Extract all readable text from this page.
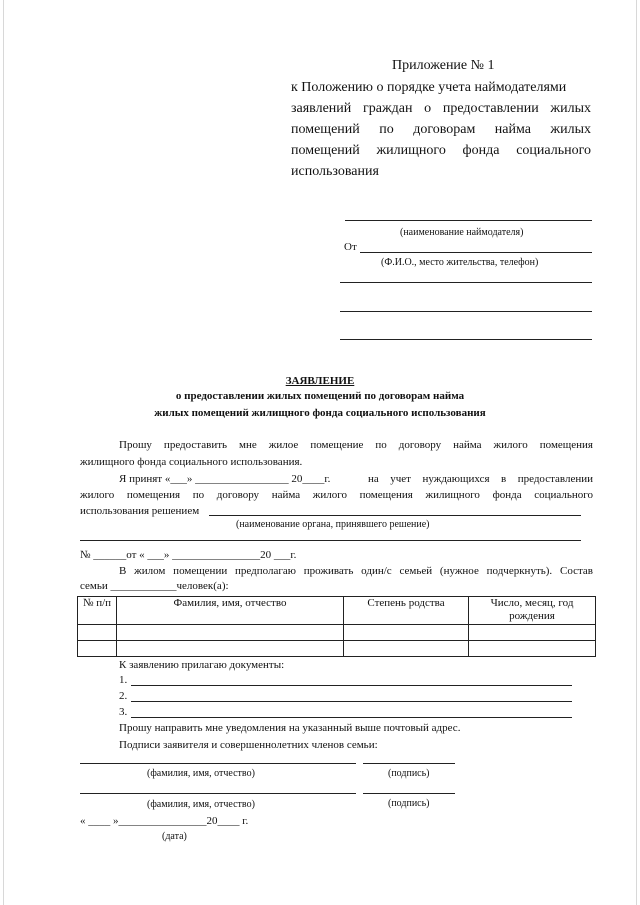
Приложение № 1
к Положению о порядке учета наймодателями
заявлений граждан о предоставлении жилых
помещений по договорам найма жилых
помещений жилищного фонда социального
использования
(наименование наймодателя)
От
(Ф.И.О., место жительства, телефон)
ЗАЯВЛЕНИЕ
о предоставлении жилых помещений по договорам найма
жилых помещений жилищного фонда социального использования
Прошу предоставить мне жилое помещение по договору найма жилого помещения
жилищного фонда социального использования.
Я принят «___» _________________ 20____г.	на учет нуждающихся в предоставлении
жилого помещения по договору найма жилого помещения жилищного фонда социального
использования решением
(наименование органа, принявшего решение)
№ ______от « ___» ________________20 ___г.
В жилом помещении предполагаю проживать один/с семьей (нужное подчеркнуть). Состав
семьи ____________человек(а):
№ п/п	Фамилия, имя, отчество	Степень родства	Число, месяц, год рождения

К заявлению прилагаю документы:
1.
2.
3.
Прошу направить мне уведомления на указанный выше почтовый адрес.
Подписи заявителя и совершеннолетних членов семьи:
(фамилия, имя, отчество)	(подпись)
(фамилия, имя, отчество)	(подпись)
« ____ »________________20____ г.
(дата)
